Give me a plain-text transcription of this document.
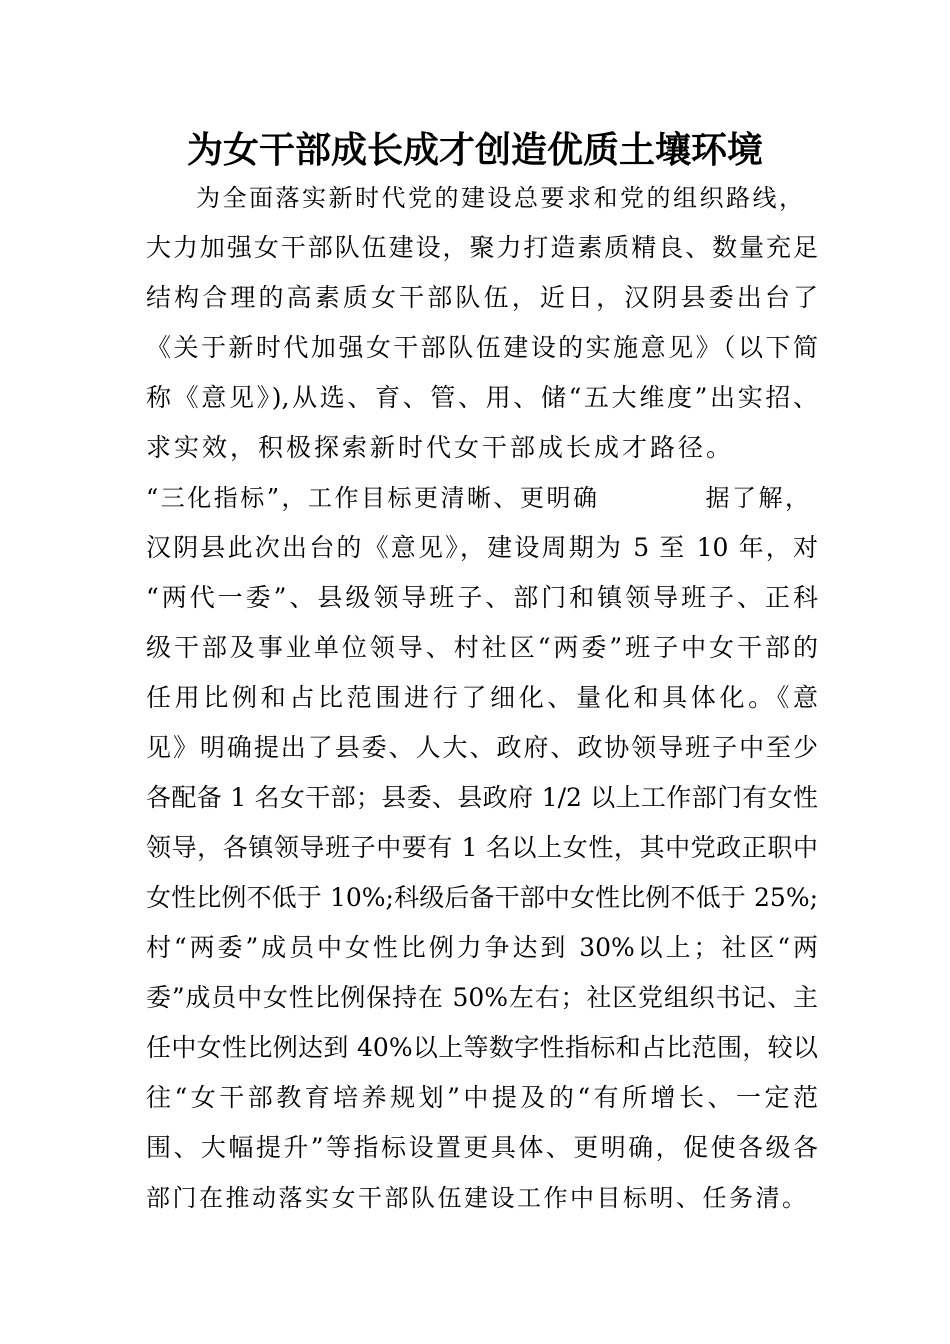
为女干部成长成才创造优质土壤环境
为全面落实新时代党的建设总要求和党的组织路线，
大力加强女干部队伍建设，聚力打造素质精良、数量充足
结构合理的高素质女干部队伍，近日，汉阴县委出台了
《关于新时代加强女干部队伍建设的实施意见》（以下简
称《意见》),从选、育、管、用、储“五大维度”出实招、
求实效，积极探索新时代女干部成长成才路径。
“三化指标”，工作目标更清晰、更明确　　　　据了解，
汉阴县此次出台的《意见》，建设周期为 5 至 10 年，对
“两代一委”、县级领导班子、部门和镇领导班子、正科
级干部及事业单位领导、村社区“两委”班子中女干部的
任用比例和占比范围进行了细化、量化和具体化。《意
见》明确提出了县委、人大、政府、政协领导班子中至少
各配备 1 名女干部；县委、县政府 1/2 以上工作部门有女性
领导，各镇领导班子中要有 1 名以上女性，其中党政正职中
女性比例不低于 10%;科级后备干部中女性比例不低于 25%;
村“两委”成员中女性比例力争达到 30%以上；社区“两
委”成员中女性比例保持在 50%左右；社区党组织书记、主
任中女性比例达到 40%以上等数字性指标和占比范围，较以
往“女干部教育培养规划”中提及的“有所增长、一定范
围、大幅提升”等指标设置更具体、更明确，促使各级各
部门在推动落实女干部队伍建设工作中目标明、任务清。
